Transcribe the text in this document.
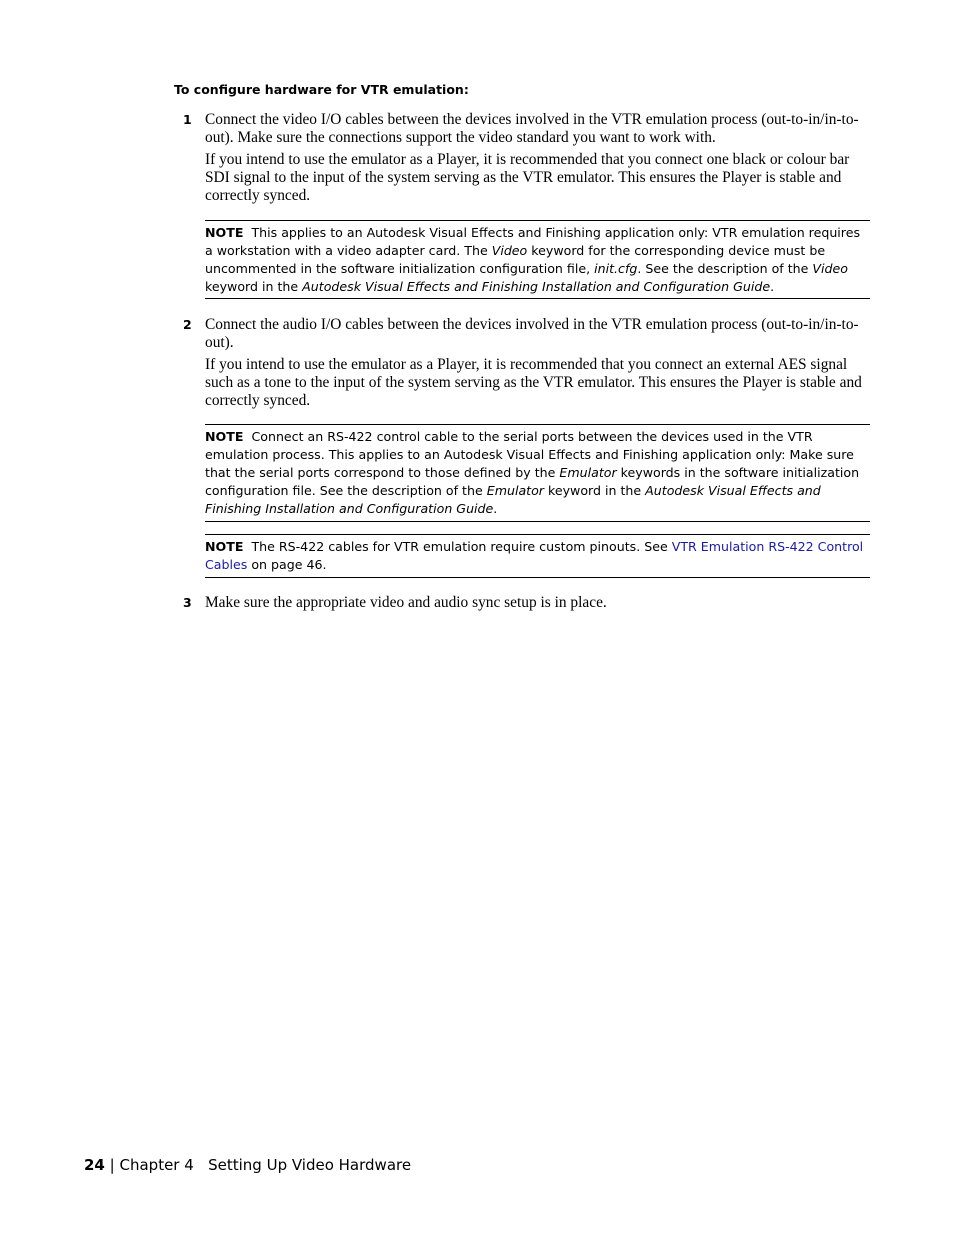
To configure hardware for VTR emulation:
1 Connect the video I/O cables between the devices involved in the VTR emulation process (out-to-in/in-to-out). Make sure the connections support the video standard you want to work with.

If you intend to use the emulator as a Player, it is recommended that you connect one black or colour bar SDI signal to the input of the system serving as the VTR emulator. This ensures the Player is stable and correctly synced.

NOTE This applies to an Autodesk Visual Effects and Finishing application only: VTR emulation requires a workstation with a video adapter card. The Video keyword for the corresponding device must be uncommented in the software initialization configuration file, init.cfg. See the description of the Video keyword in the Autodesk Visual Effects and Finishing Installation and Configuration Guide.
2 Connect the audio I/O cables between the devices involved in the VTR emulation process (out-to-in/in-to-out).

If you intend to use the emulator as a Player, it is recommended that you connect an external AES signal such as a tone to the input of the system serving as the VTR emulator. This ensures the Player is stable and correctly synced.

NOTE Connect an RS-422 control cable to the serial ports between the devices used in the VTR emulation process. This applies to an Autodesk Visual Effects and Finishing application only: Make sure that the serial ports correspond to those defined by the Emulator keywords in the software initialization configuration file. See the description of the Emulator keyword in the Autodesk Visual Effects and Finishing Installation and Configuration Guide.
NOTE The RS-422 cables for VTR emulation require custom pinouts. See VTR Emulation RS-422 Control Cables on page 46.
3 Make sure the appropriate video and audio sync setup is in place.

24 | Chapter 4 Setting Up Video Hardware
